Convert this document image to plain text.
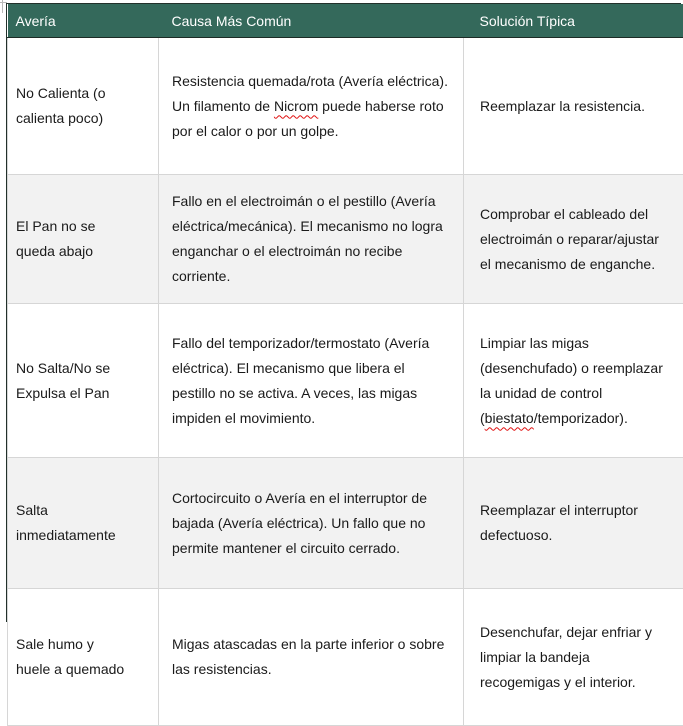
Avería	Causa Más Común	Solución Típica

No Calienta (o
calienta poco)	Resistencia quemada/rota (Avería eléctrica). Un filamento de Nicrom puede haberse roto por el calor o por un golpe.	Reemplazar la resistencia.

El Pan no se
queda abajo	Fallo en el electroimán o el pestillo (Avería eléctrica/mecánica). El mecanismo no logra enganchar o el electroimán no recibe corriente.	Comprobar el cableado del electroimán o reparar/ajustar el mecanismo de enganche.

No Salta/No se
Expulsa el Pan	Fallo del temporizador/termostato (Avería eléctrica). El mecanismo que libera el pestillo no se activa. A veces, las migas impiden el movimiento.	Limpiar las migas (desenchufado) o reemplazar la unidad de control (biestato/temporizador).

Salta
inmediatamente	Cortocircuito o Avería en el interruptor de bajada (Avería eléctrica). Un fallo que no permite mantener el circuito cerrado.	Reemplazar el interruptor defectuoso.

Sale humo y
huele a quemado	Migas atascadas en la parte inferior o sobre las resistencias.	Desenchufar, dejar enfriar y limpiar la bandeja recogemigas y el interior.
